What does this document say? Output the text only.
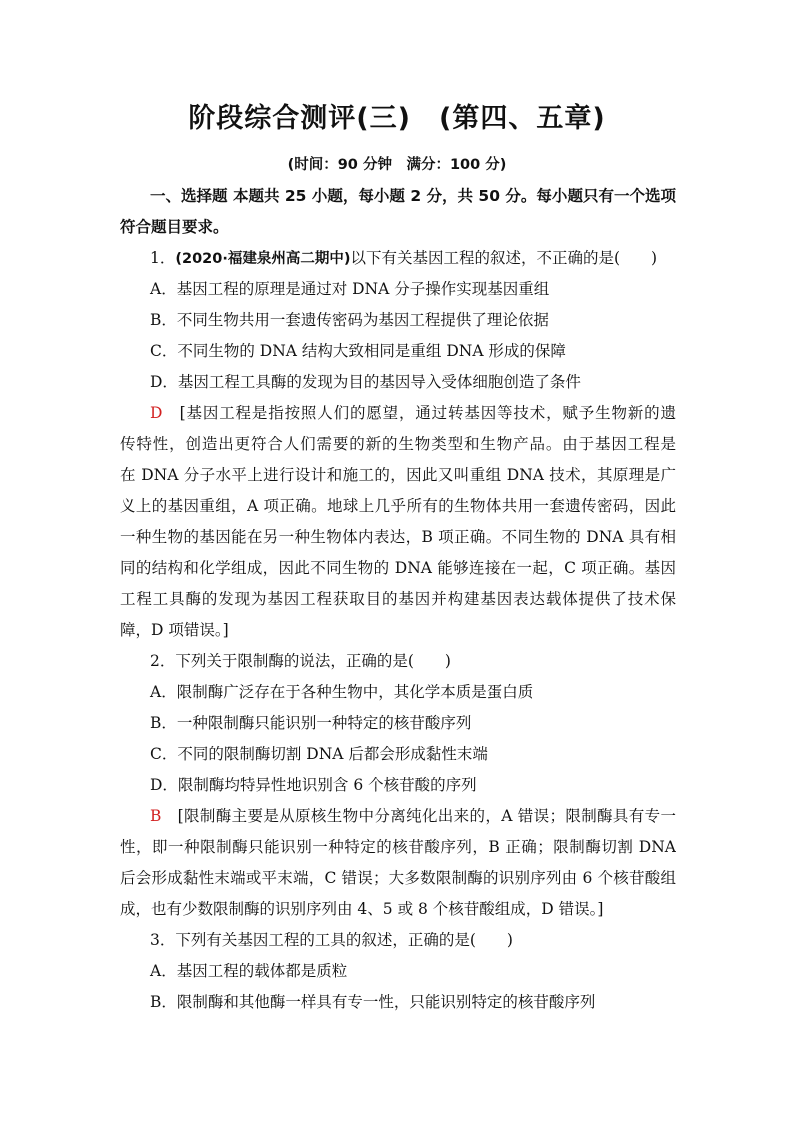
阶段综合测评(三)　(第四、五章)
(时间：90 分钟　满分：100 分)
一、选择题 本题共 25 小题，每小题 2 分，共 50 分。每小题只有一个选项
符合题目要求。
1．(2020·福建泉州高二期中)以下有关基因工程的叙述，不正确的是(　　)
A．基因工程的原理是通过对 DNA 分子操作实现基因重组
B．不同生物共用一套遗传密码为基因工程提供了理论依据
C．不同生物的 DNA 结构大致相同是重组 DNA 形成的保障
D．基因工程工具酶的发现为目的基因导入受体细胞创造了条件
D　[基因工程是指按照人们的愿望，通过转基因等技术，赋予生物新的遗
传特性，创造出更符合人们需要的新的生物类型和生物产品。由于基因工程是
在 DNA 分子水平上进行设计和施工的，因此又叫重组 DNA 技术，其原理是广
义上的基因重组，A 项正确。地球上几乎所有的生物体共用一套遗传密码，因此
一种生物的基因能在另一种生物体内表达，B 项正确。不同生物的 DNA 具有相
同的结构和化学组成，因此不同生物的 DNA 能够连接在一起，C 项正确。基因
工程工具酶的发现为基因工程获取目的基因并构建基因表达载体提供了技术保
障，D 项错误。]
2．下列关于限制酶的说法，正确的是(　　)
A．限制酶广泛存在于各种生物中，其化学本质是蛋白质
B．一种限制酶只能识别一种特定的核苷酸序列
C．不同的限制酶切割 DNA 后都会形成黏性末端
D．限制酶均特异性地识别含 6 个核苷酸的序列
B　[限制酶主要是从原核生物中分离纯化出来的，A 错误；限制酶具有专一
性，即一种限制酶只能识别一种特定的核苷酸序列，B 正确；限制酶切割 DNA
后会形成黏性末端或平末端，C 错误；大多数限制酶的识别序列由 6 个核苷酸组
成，也有少数限制酶的识别序列由 4、5 或 8 个核苷酸组成，D 错误。]
3．下列有关基因工程的工具的叙述，正确的是(　　)
A．基因工程的载体都是质粒
B．限制酶和其他酶一样具有专一性，只能识别特定的核苷酸序列
